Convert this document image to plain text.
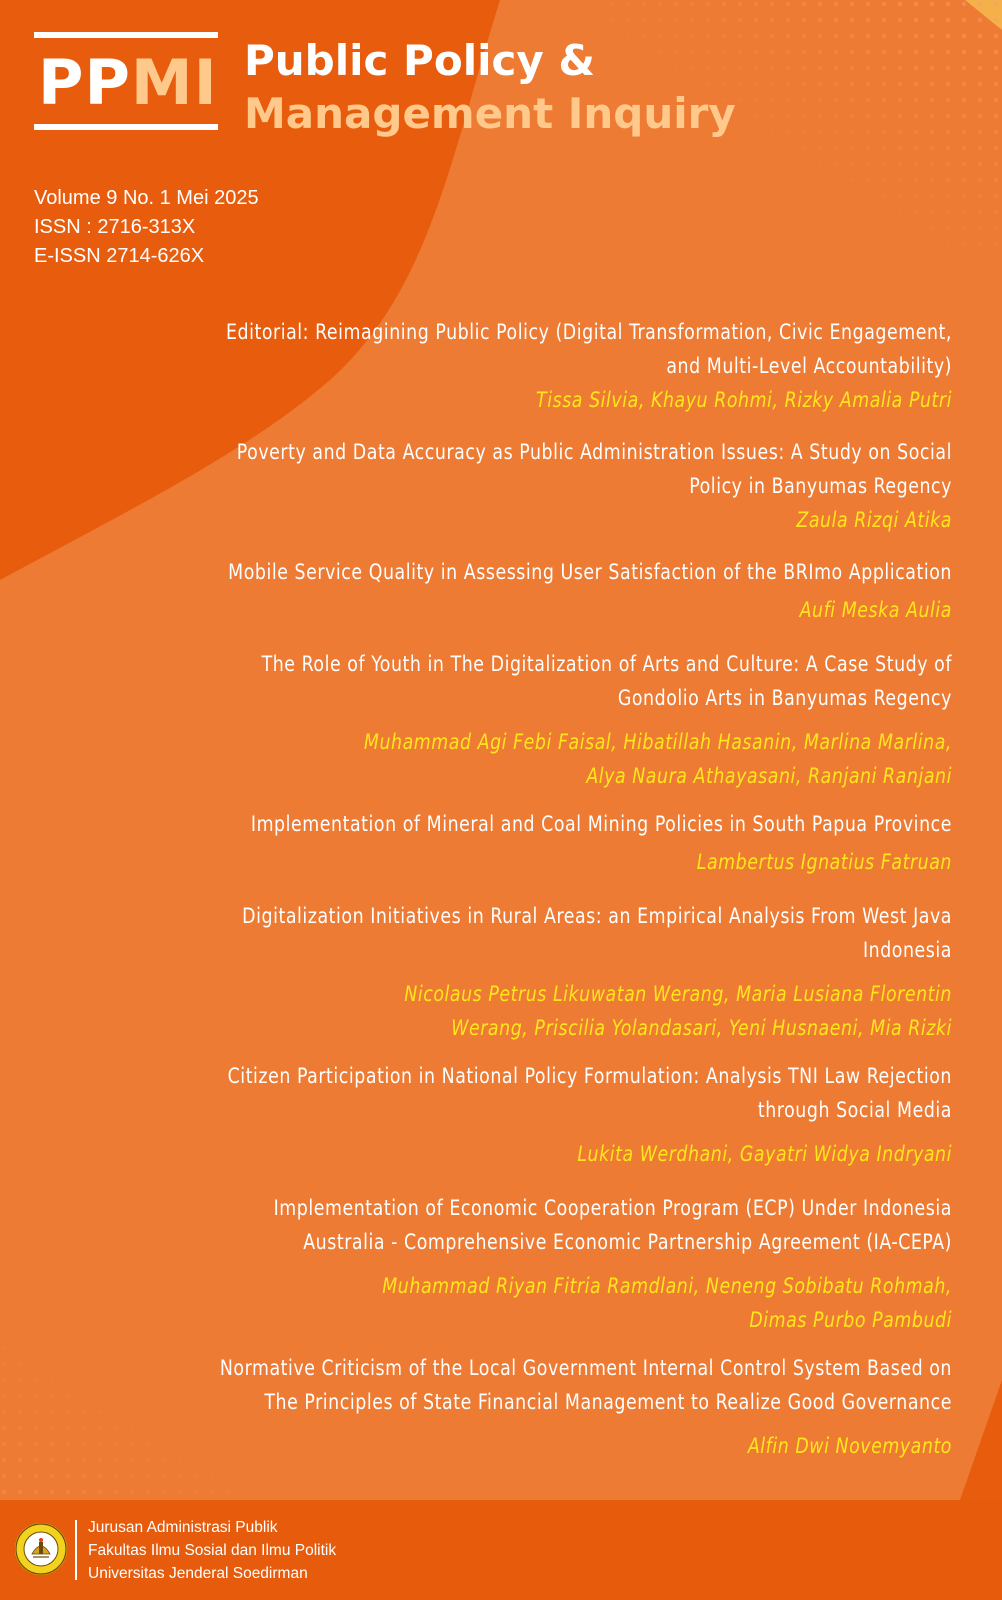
PPMI Public Policy &
Management Inquiry
Volume 9 No. 1 Mei 2025
ISSN : 2716-313X
E-ISSN 2714-626X
Editorial: Reimagining Public Policy (Digital Transformation, Civic Engagement,
and Multi-Level Accountability)
Tissa Silvia, Khayu Rohmi, Rizky Amalia Putri
Poverty and Data Accuracy as Public Administration Issues: A Study on Social
Policy in Banyumas Regency
Zaula Rizqi Atika
Mobile Service Quality in Assessing User Satisfaction of the BRImo Application
Aufi Meska Aulia
The Role of Youth in The Digitalization of Arts and Culture: A Case Study of
Gondolio Arts in Banyumas Regency
Muhammad Agi Febi Faisal, Hibatillah Hasanin, Marlina Marlina,
Alya Naura Athayasani, Ranjani Ranjani
Implementation of Mineral and Coal Mining Policies in South Papua Province
Lambertus Ignatius Fatruan
Digitalization Initiatives in Rural Areas: an Empirical Analysis From West Java
Indonesia
Nicolaus Petrus Likuwatan Werang, Maria Lusiana Florentin
Werang, Priscilia Yolandasari, Yeni Husnaeni, Mia Rizki
Citizen Participation in National Policy Formulation: Analysis TNI Law Rejection
through Social Media
Lukita Werdhani, Gayatri Widya Indryani
Implementation of Economic Cooperation Program (ECP) Under Indonesia
Australia - Comprehensive Economic Partnership Agreement (IA-CEPA)
Muhammad Riyan Fitria Ramdlani, Neneng Sobibatu Rohmah,
Dimas Purbo Pambudi
Normative Criticism of the Local Government Internal Control System Based on
The Principles of State Financial Management to Realize Good Governance
Alfin Dwi Novemyanto
Jurusan Administrasi Publik
Fakultas Ilmu Sosial dan Ilmu Politik
Universitas Jenderal Soedirman
